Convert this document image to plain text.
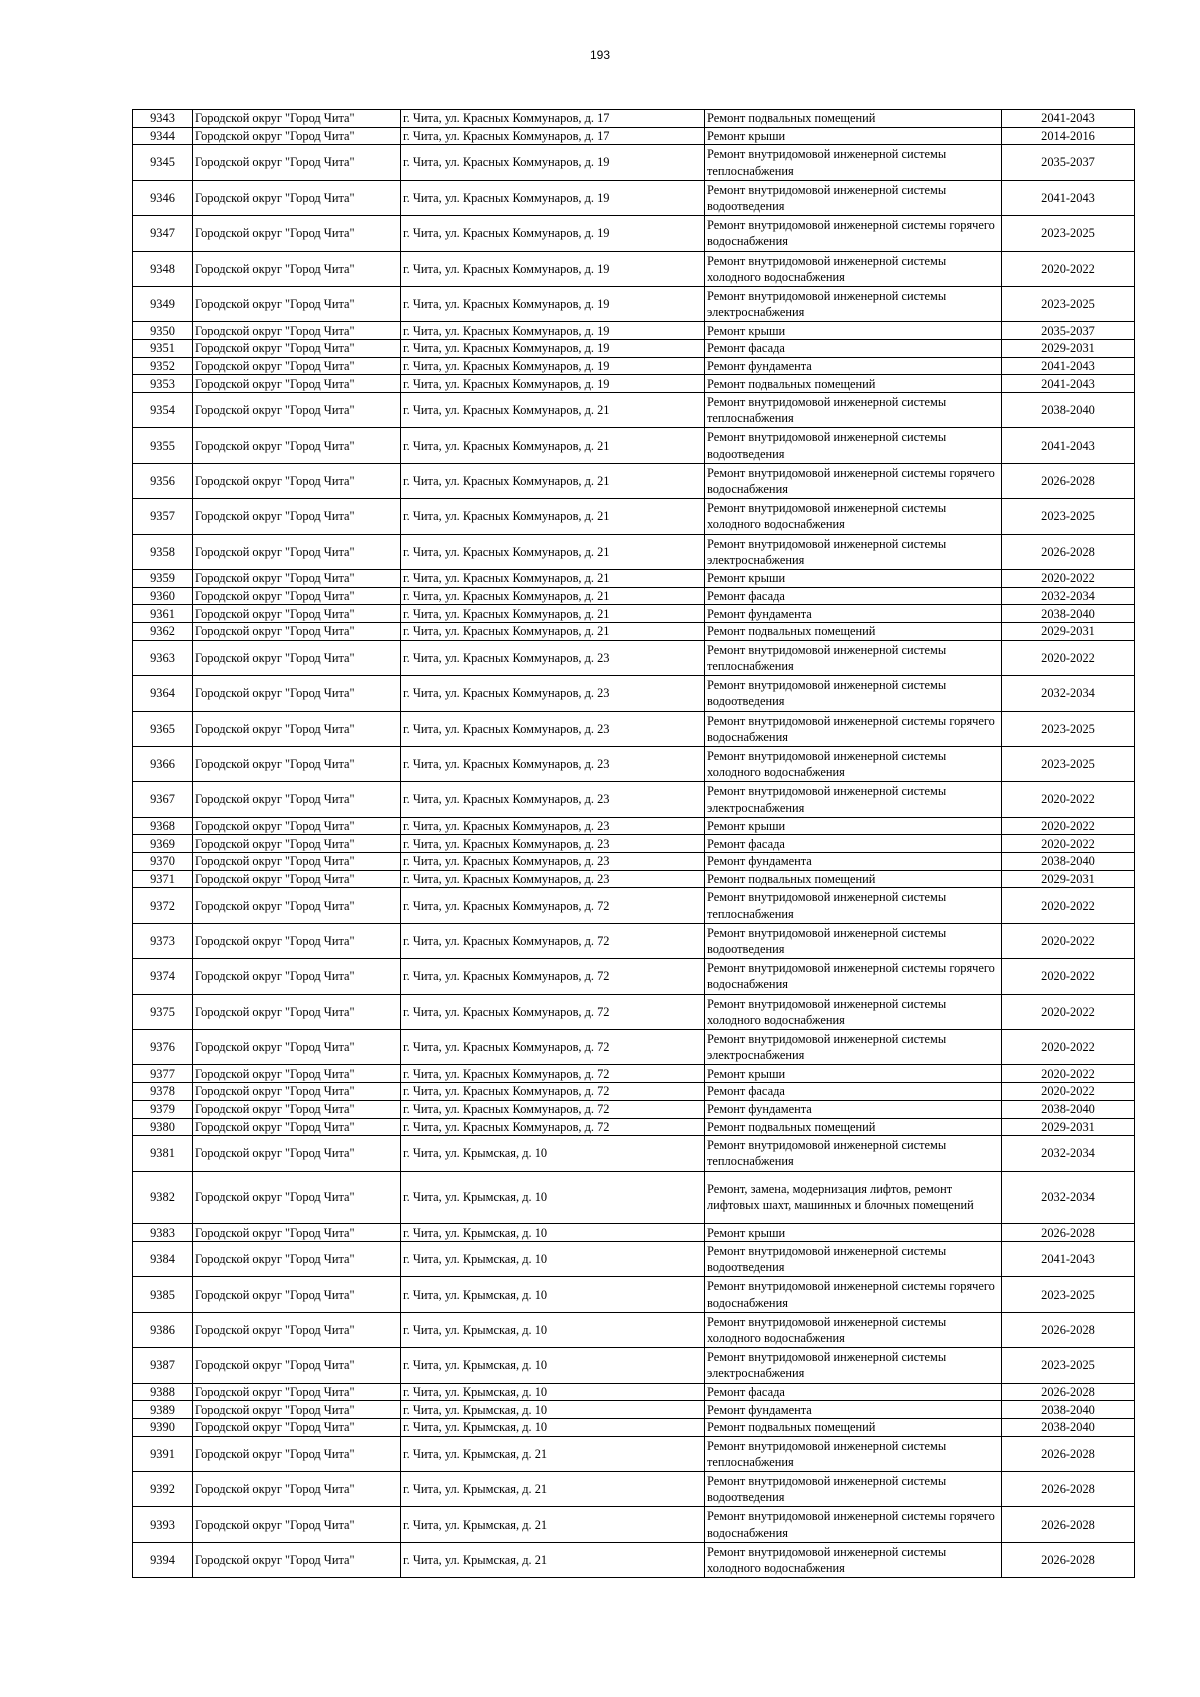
193
9343	Городской округ "Город Чита"	г. Чита, ул. Красных Коммунаров, д. 17	Ремонт подвальных помещений	2041-2043
9344	Городской округ "Город Чита"	г. Чита, ул. Красных Коммунаров, д. 17	Ремонт крыши	2014-2016
9345	Городской округ "Город Чита"	г. Чита, ул. Красных Коммунаров, д. 19	Ремонт внутридомовой инженерной системы теплоснабжения	2035-2037
9346	Городской округ "Город Чита"	г. Чита, ул. Красных Коммунаров, д. 19	Ремонт внутридомовой инженерной системы водоотведения	2041-2043
9347	Городской округ "Город Чита"	г. Чита, ул. Красных Коммунаров, д. 19	Ремонт внутридомовой инженерной системы горячего водоснабжения	2023-2025
9348	Городской округ "Город Чита"	г. Чита, ул. Красных Коммунаров, д. 19	Ремонт внутридомовой инженерной системы холодного водоснабжения	2020-2022
9349	Городской округ "Город Чита"	г. Чита, ул. Красных Коммунаров, д. 19	Ремонт внутридомовой инженерной системы электроснабжения	2023-2025
9350	Городской округ "Город Чита"	г. Чита, ул. Красных Коммунаров, д. 19	Ремонт крыши	2035-2037
9351	Городской округ "Город Чита"	г. Чита, ул. Красных Коммунаров, д. 19	Ремонт фасада	2029-2031
9352	Городской округ "Город Чита"	г. Чита, ул. Красных Коммунаров, д. 19	Ремонт фундамента	2041-2043
9353	Городской округ "Город Чита"	г. Чита, ул. Красных Коммунаров, д. 19	Ремонт подвальных помещений	2041-2043
9354	Городской округ "Город Чита"	г. Чита, ул. Красных Коммунаров, д. 21	Ремонт внутридомовой инженерной системы теплоснабжения	2038-2040
9355	Городской округ "Город Чита"	г. Чита, ул. Красных Коммунаров, д. 21	Ремонт внутридомовой инженерной системы водоотведения	2041-2043
9356	Городской округ "Город Чита"	г. Чита, ул. Красных Коммунаров, д. 21	Ремонт внутридомовой инженерной системы горячего водоснабжения	2026-2028
9357	Городской округ "Город Чита"	г. Чита, ул. Красных Коммунаров, д. 21	Ремонт внутридомовой инженерной системы холодного водоснабжения	2023-2025
9358	Городской округ "Город Чита"	г. Чита, ул. Красных Коммунаров, д. 21	Ремонт внутридомовой инженерной системы электроснабжения	2026-2028
9359	Городской округ "Город Чита"	г. Чита, ул. Красных Коммунаров, д. 21	Ремонт крыши	2020-2022
9360	Городской округ "Город Чита"	г. Чита, ул. Красных Коммунаров, д. 21	Ремонт фасада	2032-2034
9361	Городской округ "Город Чита"	г. Чита, ул. Красных Коммунаров, д. 21	Ремонт фундамента	2038-2040
9362	Городской округ "Город Чита"	г. Чита, ул. Красных Коммунаров, д. 21	Ремонт подвальных помещений	2029-2031
9363	Городской округ "Город Чита"	г. Чита, ул. Красных Коммунаров, д. 23	Ремонт внутридомовой инженерной системы теплоснабжения	2020-2022
9364	Городской округ "Город Чита"	г. Чита, ул. Красных Коммунаров, д. 23	Ремонт внутридомовой инженерной системы водоотведения	2032-2034
9365	Городской округ "Город Чита"	г. Чита, ул. Красных Коммунаров, д. 23	Ремонт внутридомовой инженерной системы горячего водоснабжения	2023-2025
9366	Городской округ "Город Чита"	г. Чита, ул. Красных Коммунаров, д. 23	Ремонт внутридомовой инженерной системы холодного водоснабжения	2023-2025
9367	Городской округ "Город Чита"	г. Чита, ул. Красных Коммунаров, д. 23	Ремонт внутридомовой инженерной системы электроснабжения	2020-2022
9368	Городской округ "Город Чита"	г. Чита, ул. Красных Коммунаров, д. 23	Ремонт крыши	2020-2022
9369	Городской округ "Город Чита"	г. Чита, ул. Красных Коммунаров, д. 23	Ремонт фасада	2020-2022
9370	Городской округ "Город Чита"	г. Чита, ул. Красных Коммунаров, д. 23	Ремонт фундамента	2038-2040
9371	Городской округ "Город Чита"	г. Чита, ул. Красных Коммунаров, д. 23	Ремонт подвальных помещений	2029-2031
9372	Городской округ "Город Чита"	г. Чита, ул. Красных Коммунаров, д. 72	Ремонт внутридомовой инженерной системы теплоснабжения	2020-2022
9373	Городской округ "Город Чита"	г. Чита, ул. Красных Коммунаров, д. 72	Ремонт внутридомовой инженерной системы водоотведения	2020-2022
9374	Городской округ "Город Чита"	г. Чита, ул. Красных Коммунаров, д. 72	Ремонт внутридомовой инженерной системы горячего водоснабжения	2020-2022
9375	Городской округ "Город Чита"	г. Чита, ул. Красных Коммунаров, д. 72	Ремонт внутридомовой инженерной системы холодного водоснабжения	2020-2022
9376	Городской округ "Город Чита"	г. Чита, ул. Красных Коммунаров, д. 72	Ремонт внутридомовой инженерной системы электроснабжения	2020-2022
9377	Городской округ "Город Чита"	г. Чита, ул. Красных Коммунаров, д. 72	Ремонт крыши	2020-2022
9378	Городской округ "Город Чита"	г. Чита, ул. Красных Коммунаров, д. 72	Ремонт фасада	2020-2022
9379	Городской округ "Город Чита"	г. Чита, ул. Красных Коммунаров, д. 72	Ремонт фундамента	2038-2040
9380	Городской округ "Город Чита"	г. Чита, ул. Красных Коммунаров, д. 72	Ремонт подвальных помещений	2029-2031
9381	Городской округ "Город Чита"	г. Чита, ул. Крымская, д. 10	Ремонт внутридомовой инженерной системы теплоснабжения	2032-2034
9382	Городской округ "Город Чита"	г. Чита, ул. Крымская, д. 10	Ремонт, замена, модернизация лифтов, ремонт лифтовых шахт, машинных и блочных помещений	2032-2034
9383	Городской округ "Город Чита"	г. Чита, ул. Крымская, д. 10	Ремонт крыши	2026-2028
9384	Городской округ "Город Чита"	г. Чита, ул. Крымская, д. 10	Ремонт внутридомовой инженерной системы водоотведения	2041-2043
9385	Городской округ "Город Чита"	г. Чита, ул. Крымская, д. 10	Ремонт внутридомовой инженерной системы горячего водоснабжения	2023-2025
9386	Городской округ "Город Чита"	г. Чита, ул. Крымская, д. 10	Ремонт внутридомовой инженерной системы холодного водоснабжения	2026-2028
9387	Городской округ "Город Чита"	г. Чита, ул. Крымская, д. 10	Ремонт внутридомовой инженерной системы электроснабжения	2023-2025
9388	Городской округ "Город Чита"	г. Чита, ул. Крымская, д. 10	Ремонт фасада	2026-2028
9389	Городской округ "Город Чита"	г. Чита, ул. Крымская, д. 10	Ремонт фундамента	2038-2040
9390	Городской округ "Город Чита"	г. Чита, ул. Крымская, д. 10	Ремонт подвальных помещений	2038-2040
9391	Городской округ "Город Чита"	г. Чита, ул. Крымская, д. 21	Ремонт внутридомовой инженерной системы теплоснабжения	2026-2028
9392	Городской округ "Город Чита"	г. Чита, ул. Крымская, д. 21	Ремонт внутридомовой инженерной системы водоотведения	2026-2028
9393	Городской округ "Город Чита"	г. Чита, ул. Крымская, д. 21	Ремонт внутридомовой инженерной системы горячего водоснабжения	2026-2028
9394	Городской округ "Город Чита"	г. Чита, ул. Крымская, д. 21	Ремонт внутридомовой инженерной системы холодного водоснабжения	2026-2028
